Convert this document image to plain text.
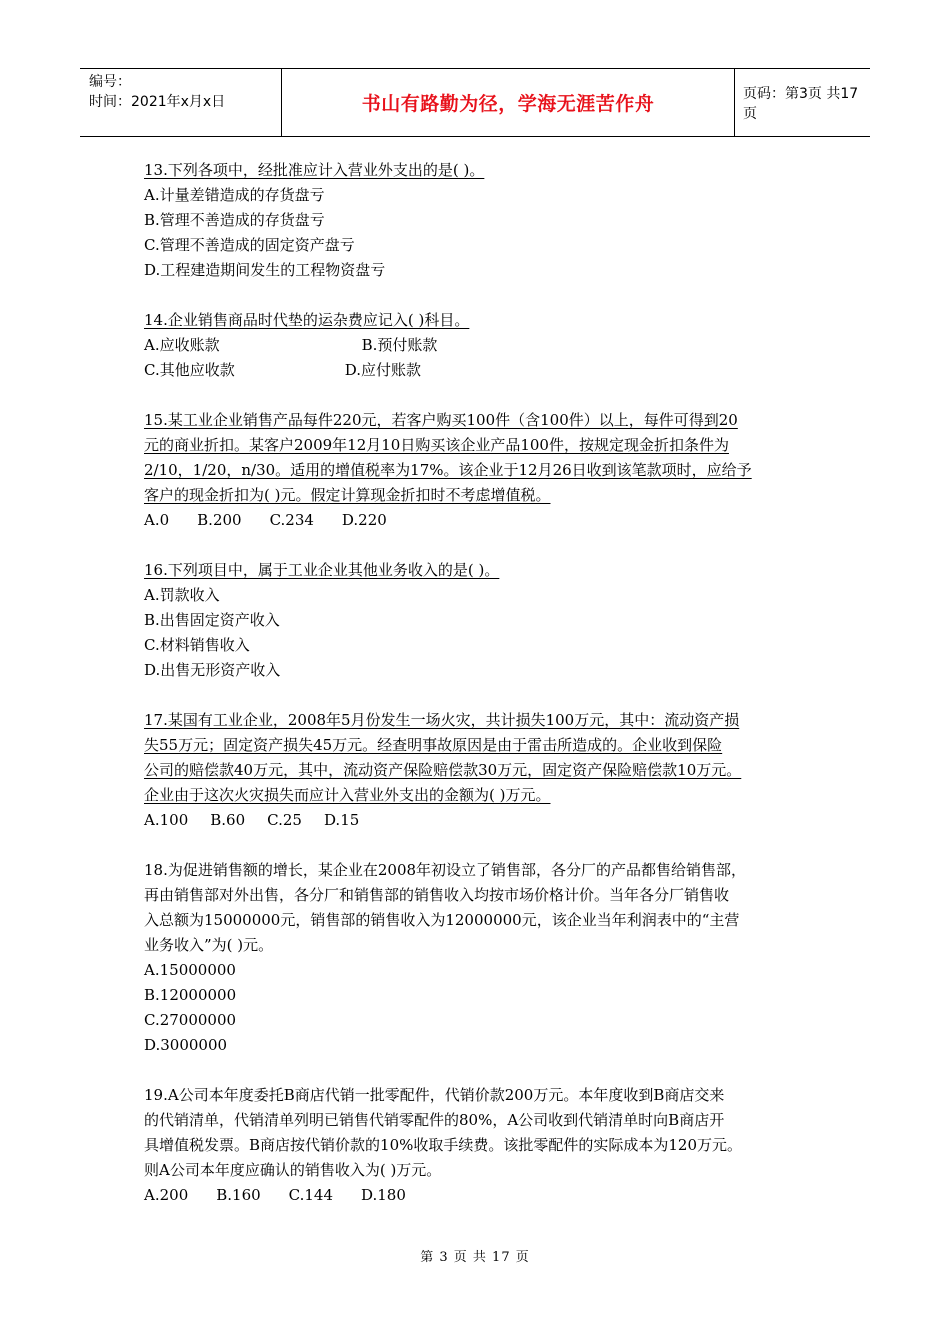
编号：
时间：2021年x月x日	书山有路勤为径，学海无涯苦作舟	页码：第3页 共17页

13.下列各项中，经批准应计入营业外支出的是( )。

A.计量差错造成的存货盘亏

B.管理不善造成的存货盘亏

C.管理不善造成的固定资产盘亏

D.工程建造期间发生的工程物资盘亏

14.企业销售商品时代垫的运杂费应记入( )科目。

A.应收账款	B.预付账款

C.其他应收款	D.应付账款

15.某工业企业销售产品每件220元，若客户购买100件（含100件）以上，每件可得到20

元的商业折扣。某客户2009年12月10日购买该企业产品100件，按规定现金折扣条件为

2/10，1/20，n/30。适用的增值税率为17%。该企业于12月26日收到该笔款项时，应给予

客户的现金折扣为( )元。假定计算现金折扣时不考虑增值税。

A.0 B.200 C.234 D.220

16.下列项目中，属于工业企业其他业务收入的是( )。

A.罚款收入

B.出售固定资产收入

C.材料销售收入

D.出售无形资产收入

17.某国有工业企业，2008年5月份发生一场火灾，共计损失100万元，其中：流动资产损

失55万元；固定资产损失45万元。经查明事故原因是由于雷击所造成的。企业收到保险

公司的赔偿款40万元，其中，流动资产保险赔偿款30万元，固定资产保险赔偿款10万元。

企业由于这次火灾损失而应计入营业外支出的金额为( )万元。

A.100 B.60 C.25 D.15

18.为促进销售额的增长，某企业在2008年初设立了销售部，各分厂的产品都售给销售部，

再由销售部对外出售，各分厂和销售部的销售收入均按市场价格计价。当年各分厂销售收

入总额为15000000元，销售部的销售收入为12000000元，该企业当年利润表中的“主营

业务收入”为( )元。

A.15000000

B.12000000

C.27000000

D.3000000

19.A公司本年度委托B商店代销一批零配件，代销价款200万元。本年度收到B商店交来

的代销清单，代销清单列明已销售代销零配件的80%，A公司收到代销清单时向B商店开

具增值税发票。B商店按代销价款的10%收取手续费。该批零配件的实际成本为120万元。

则A公司本年度应确认的销售收入为( )万元。

A.200 B.160 C.144 D.180

第 3 页 共 17 页
